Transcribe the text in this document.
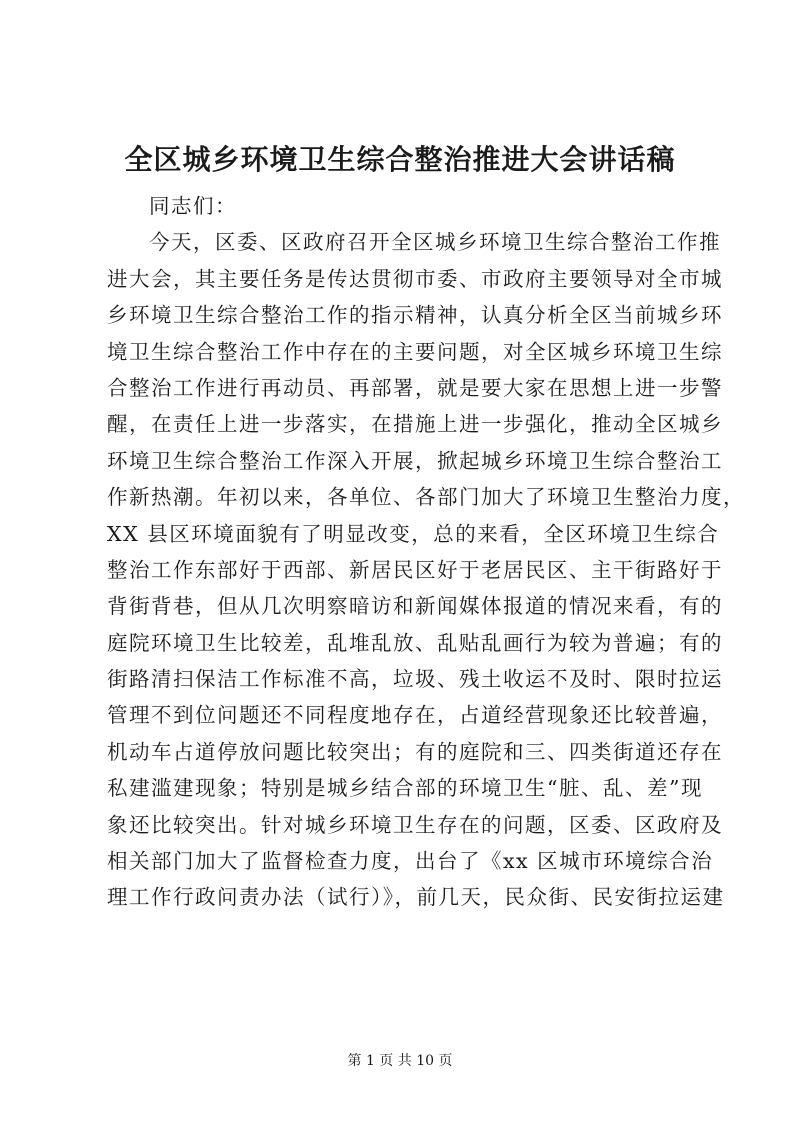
全区城乡环境卫生综合整治推进大会讲话稿
同志们：
今天，区委、区政府召开全区城乡环境卫生综合整治工作推
进大会，其主要任务是传达贯彻市委、市政府主要领导对全市城
乡环境卫生综合整治工作的指示精神，认真分析全区当前城乡环
境卫生综合整治工作中存在的主要问题，对全区城乡环境卫生综
合整治工作进行再动员、再部署，就是要大家在思想上进一步警
醒，在责任上进一步落实，在措施上进一步强化，推动全区城乡
环境卫生综合整治工作深入开展，掀起城乡环境卫生综合整治工
作新热潮。年初以来，各单位、各部门加大了环境卫生整治力度，
XX 县区环境面貌有了明显改变，总的来看，全区环境卫生综合
整治工作东部好于西部、新居民区好于老居民区、主干街路好于
背街背巷，但从几次明察暗访和新闻媒体报道的情况来看，有的
庭院环境卫生比较差，乱堆乱放、乱贴乱画行为较为普遍；有的
街路清扫保洁工作标准不高，垃圾、残土收运不及时、限时拉运
管理不到位问题还不同程度地存在，占道经营现象还比较普遍，
机动车占道停放问题比较突出；有的庭院和三、四类街道还存在
私建滥建现象；特别是城乡结合部的环境卫生“脏、乱、差”现
象还比较突出。针对城乡环境卫生存在的问题，区委、区政府及
相关部门加大了监督检查力度，出台了《xx 区城市环境综合治
理工作行政问责办法（试行）》，前几天，民众街、民安街拉运建
第 1 页 共 10 页
